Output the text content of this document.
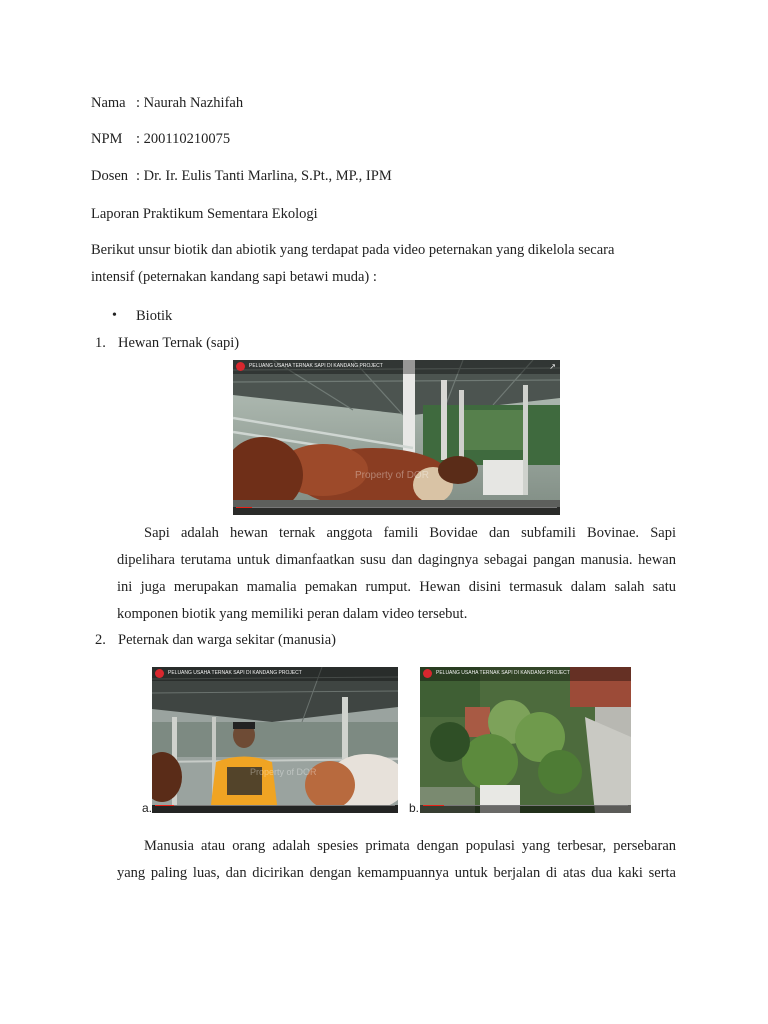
Nama : Naurah Nazhifah
NPM : 200110210075
Dosen : Dr. Ir. Eulis Tanti Marlina, S.Pt., MP., IPM
Laporan Praktikum Sementara Ekologi
Berikut unsur biotik dan abiotik yang terdapat pada video peternakan yang dikelola secara
intensif (peternakan kandang sapi betawi muda) :
• Biotik
1. Hewan Ternak (sapi)
PELUANG USAHA TERNAK SAPI DI KANDANG PROJECT	↗
Property of DOR
Sapi adalah hewan ternak anggota famili Bovidae dan subfamili Bovinae. Sapi
dipelihara terutama untuk dimanfaatkan susu dan dagingnya sebagai pangan manusia. hewan
ini juga merupakan mamalia pemakan rumput. Hewan disini termasuk dalam salah satu
komponen biotik yang memiliki peran dalam video tersebut.
2. Peternak dan warga sekitar (manusia)
a.
PELUANG USAHA TERNAK SAPI DI KANDANG PROJECT
Property of DOR
b.
PELUANG USAHA TERNAK SAPI DI KANDANG PROJECT
Manusia atau orang adalah spesies primata dengan populasi yang terbesar, persebaran
yang paling luas, dan dicirikan dengan kemampuannya untuk berjalan di atas dua kaki serta
